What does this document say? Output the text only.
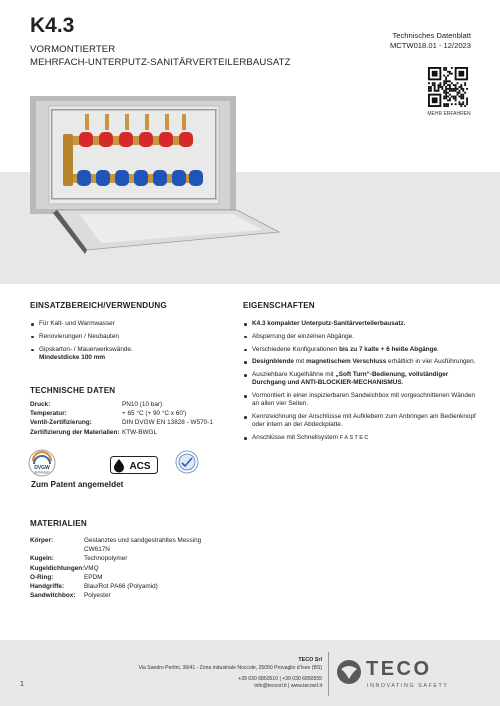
K4.3
VORMONTIERTER
MEHRFACH-UNTERPUTZ-SANITÄRVERTEILERBAUSATZ
Technisches Datenblatt
MCTW018.01 - 12/2023
MEHR ERFAHREN
EINSATZBEREICH/VERWENDUNG
Für Kalt- und Warmwasser
Renovierungen / Neubauten
Gipskarton- / Mauerwerkswände.
Mindestdicke 100 mm
TECHNISCHE DATEN
Druck:	PN10 (10 bar)
Temperatur:	+ 65 °C (+ 90 °C x 60')
Ventil-Zertifizierung:	DIN DVGW EN 13828 - W570-1
Zertifizierung der Materialien: KTW-BWGL
DVGW
ZERTIFIZIERT
ACS
Zum Patent angemeldet
MATERIALIEN
Körper:	Gestanztes und sandgestrahltes Messing
CW617N
Kugeln:	Technopolymer
Kugeldichtungen: VMQ
O-Ring:	EPDM
Handgriffe:	Blau/Rot PA66 (Polyamid)
Sandwitchbox:	Polyester
EIGENSCHAFTEN
K4.3 kompakter Unterputz-Sanitärverteilerbausatz.
Absperrung der einzelnen Abgänge.
Verschiedene Konfigurationen bis zu 7 kalte + 6 heiße Abgänge.
Designblende mit magnetischem Verschluss erhältlich in vier Ausführungen.
Ausziehbare Kugelhähne mit „Soft Turn“-Bedienung, vollständiger Durchgang und ANTI-BLOCKIER-MECHANISMUS.
Vormontiert in einer inspizierbaren Sandwichbox mit vorgeschnittenen Wänden an allen vier Seiten.
Kennzeichnung der Anschlüsse mit Aufklebern zum Anbringen am Bedienknopf oder intern an der Abdeckplatte.
Anschlüsse mit Schnellsystem FASTEC
TECO Srl
Via Sandro Pertini, 39/41 - Zona industriale Noccole, 25050 Provaglio d’Iseo (BS)
+39 030 6850510 | +39 030 6850555
info@tecosrl.it | www.tecosrl.it
1
TECO
INNOVATING SAFETY
